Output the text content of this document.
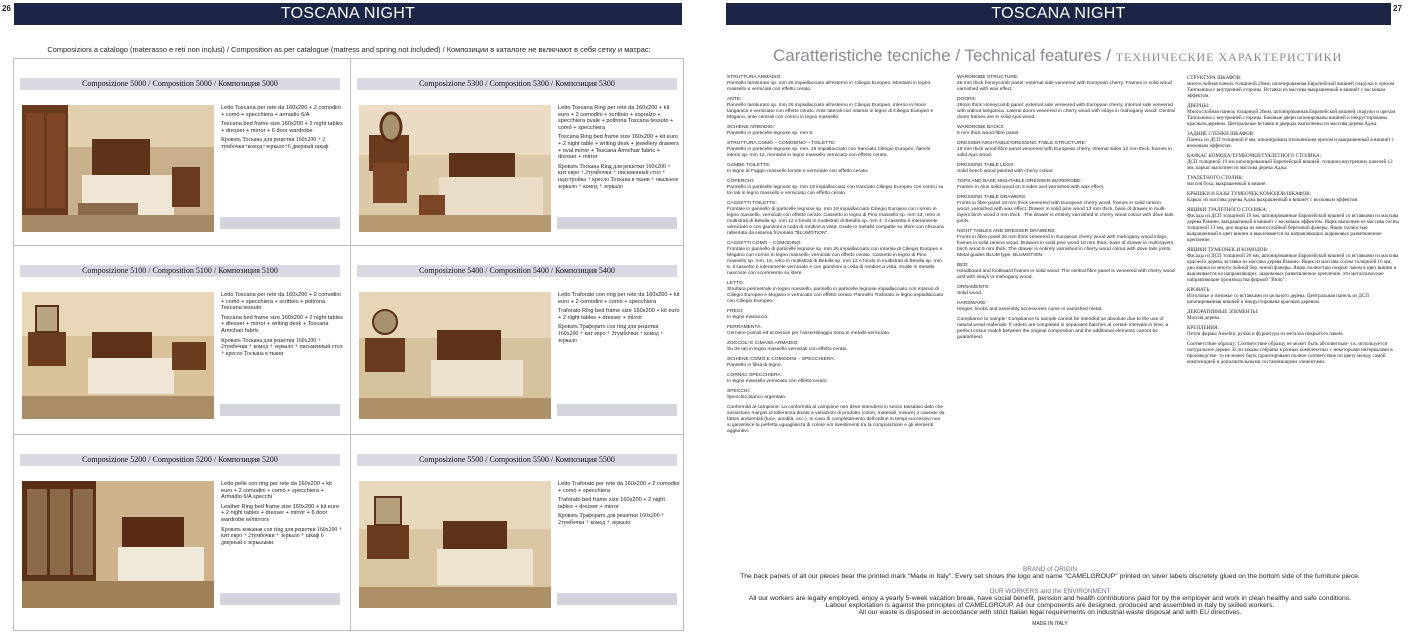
26	TOSCANA NIGHT
Composizioni a catalogo (materasso e reti non inclusi) / Composition as per catalogue (matress and spring not included) / Композиции в каталоге не включают в себя сетку и матрас:
Composizione 5000 / Composition 5000 / Композиция 5000

Letto Toscana per rete da 160x200 + 2 comodini + comò + specchiera + armadio 6/A

Toscana bed frame size 160x200 + 2 night tables + dresser + mirror + 6 door wardrobe

Кровать Тоскана для решетки 160x200 + 2 тумбочки+комод+зеркало+6 дверный шкаф

Composizione 5300 / Composition 5300 / Композиция 5300

Letto Toscana Ring per rete da 160x200 + kit euro + 2 comodini + scrittoio + sopralzo + specchiera ovale + poltrona Toscana tessuto + comò + specchiera

Toscana Ring bed frame size 160x200 + kit euro + 2 night table + writing desk + jewellery drawers + oval mirror + Toscana Armchair fabric + dresser + mirror

Кровать Тоскана Ring для решетки 160x200 + кит евро + 2тумбочки + письменный стол + надстройка + кресло Тоскана в ткани + овальное зеркало + комод + зеркало

Composizione 5100 / Composition 5100 / Композиция 5100

Letto Toscana per rete da 160x200 + 2 comodini + comò + specchiera + scrittoio + poltrona Toscana tessuto

Toscana bed frame size 160x200 + 2 night tables + dresser + mirror + writing desk + Toscana Armchair fabric

Кровать Тоскана для решетки 160x200 + 2тумбочки + комод + зеркало + письменный стол + кресло Тоскана в ткани

Composizione 5400 / Composition 5400 / Композиция 5400

Letto Traforato con ring per rete da 160x200 + kit euro + 2 comodini + comò + specchiera

Traforato Ring bed frame size 160x200 + kit euro + 2 night tables + dresser + mirror

Кровать Трафорато con ring для решетки 160x200 + кит евро + 2тумбочки + комод + зеркало

Composizione 5200 / Composition 5200 / Композиция 5200

Letto pelle con ring per rete da 160x200 + kit euro + 2 comodini + comò + specchiera + Armadio 6/A specchi

Leather Ring bed frame size 160x200 + kit euro + 2 night tables + dresser + mirror + 6 door wardrobe w/mirrors

Кровать кожаная con ring для решетки 160x200 + кит евро + 2тумбочки + зеркало + шкаф 6 дверный с зеркалами

Composizione 5500 / Composition 5500 / Композиция 5500

Letto Traforato per rete da 160x200 + 2 comodini + comò + specchiera

Traforato bed frame size 160x200 + 2 night tables + dresser + mirror

Кровать Трафорато для решетки 160x200 + 2тумбочки + комод + зеркало

27
TOSCANA NIGHT
Caratteristiche tecniche / Technical features / ТЕХНИЧЕСКИЕ ХАРАКТЕРИСТИКИ
STRUTTURA ARMADIO:
Pannello tamburato sp. mm 26 impiallacciato all'esterno in Ciliegio Europeo. Montanti in legno massello e verniciati con effetto cerato.
ANTE:
Pannello tamburato sp. mm 26 impiallacciato all'esterno in Ciliegio Europeo, interno in Noce tanganica e verniciato con effetto cerato. Ante laterali con intarsio in legno di Ciliegio Europeo e Mogano, ante centrali con cornici in legno massello.
SCHIENE ARMADIO:
Pannello in particelle legnose sp. mm 6.
STRUTTURA COMÒ – COMODINO – TOILETTE:
Pannello in particelle legnose sp. mm. 19 impiallacciato con tranciato Ciliegio Europeo, fianchi interni sp. mm 12, montanti in legno massello verniciato con effetto cerato.
GAMBE TOILETTE:
In legno di Faggio massello tornite e verniciate con effetto cerato.
COPERCHI:
Pannello in particelle legnose sp. mm 19 impiallacciato con tranciato Ciliegio Europeo con cornici su tre lati in legno massello e verniciato con effetto cerato.
CASSETTI TOILETTE:
Frontale in pannello di particelle legnose sp. mm 19 impiallacciato Ciliegio Europeo con cornici in legno massello, verniciati con effetto cerato. Cassetto in legno di Pino massello sp. mm 13, retro in multistrati di Betulla sp. mm 12 e fondo in multistrati di Betulla sp. mm 4. Il cassetto è interamente verniciato e con giunzioni a coda di rondine a vista. Guide in metallo compatte su sfere con chiusura rallentata da sistema frizionato "BLUMOTION".
CASSETTI COMÒ – COMODINO:
Frontale in pannello di particelle legnose sp. mm 26 impiallacciato con intarsio di Ciliegio Europeo e Mogano con cornici in legno massello, verniciati con effetto cerato. Cassetto in legno di Pino massello sp. mm. 16, retro in multistrati di Betulla sp. mm 12 e fondo in multistrati di Betulla sp. mm. 5. Il cassetto è interamente verniciato e con giunzioni a coda di rondine a vista. Guide in metallo nascoste con scorrimento su sfere.
LETTO:
Struttura perimetrale in legno massello, pannello in particelle legnose impiallacciato con intarsio di Ciliegio Europeo e Mogano e verniciato con effetto cerato. Pannello Traforato in legno impiallacciato con Ciliegio Europeo.
FREGI:
In legno massiccio.
FERRAMENTA:
Cerniere pomoli ed accessori per l'assemblaggio sono in metallo verniciato.
ZOCCOLI E CIMASE ARMADIO:
Su tre lati in legno massello verniciati con effetto cerato.
SCHIENE COMÒ E COMODINI – SPECCHIERA:
Pannello in fibra di legno.
CORNICI SPECCHIERA:
In legno massello verniciato con effetto cerato.
SPECCHI:
Specchio bianco argentato.
Conformità al campione: La conformità al campione non deve intendersi in senso tassativo dato che sussistono margini di tolleranza dovuti a variazioni di prodotto (colori, materiali, misure) o causate da fattori ambientali (luce, umidità, ecc.). In caso di completamento dell'ordine in tempi successivi non si garantisce la perfetta uguaglianza di colore e/o rivestimenti tra la composizione e gli elementi aggiuntivi.
WARDROBE STRUCTURE:
26 mm thick honeycomb panel: external side veneered with European cherry. Frames in solid wood varnished with wax effect.
DOORS:
26mm thick Honeycomb panel: external side veneered with European cherry, internal side veneered with walnut tanganica. Lateral doors veneered in cherry wood with inlays in mahogany wood. Central doors frames are in solid Ajus wood.
WARDROBE BACKS:
6 mm thick wood-fibre panel.
DRESSER-NIGHTABLE-DRESSING TABLE STRUCTURE:
19 mm thick wood-fibre panel veneered with European cherry, internal sides 12 mm thick, frames in solid Ajus wood.
DRESSING TABLE LEGS:
Solid beech wood painted with cherry colour.
TOPS AND BASE NIGHTABLE-DRESSER-WARDROBE:
Frames in Aius solid wood on 3 sides and varnished with wax effect.
DRESSING TABLE DRAWERS:
Fronts in fibre panel 19 mm thick veneered with European cherry wood, frames in solid ramino wood, varnished with wax effect. Drawer in solid pine wood 13 mm thick, base of drawer in multi-layers birch wood 4 mm thick . The drawer is entirely varnished in cherry wood colour with dove tails joints.
NIGHT TABLES AND DRESSER DRAWERS:
Fronts in fibre panel 26 mm thick veneered in European cherry wood with mahogany wood inlays, frames in solid ramino wood. Drawers in solid pine wood 16 mm thick, base of drawer in multi-layers birch wood 5 mm thick. The drawer is entirely varnished in cherry wood colour with dove tails joints. Metal guides BLUM type, BLUMOTION.
BED:
Headboard and footboard frames in solid wood. The central fibre panel is veneered with cherry wood and with inlays in mahogany wood.
ORNAMENTS:
Solid wood.
HARDWARE:
Hinges, knobs and assembly accessories come in varnished metal.
Compliance to sample: Compliance to sample cannot be intended as absolute due to the use of natural wood materials. If orders are completed in separated batches at certain intervals in time, a perfect colour match between the original composition and the additional elements cannot be guaranteed.
СТРУКТУРА ШКАФОВ:
многослойная панель толщиной 26мм, шпонированная Европейской вишней снаружи и орехом Тангаьника с внутренней стороны. Вставки из массива выкрашенный в вишнёт с восковым эффектом.
ДВЕРЦЫ:
Многослойная панель толщиной 26мм. шпонированная Европейской вишней снаружи и орехом Тангаьника с внутренней стороны. Боковые двери шпонированы вишней и инкрустированы красным деревом. Центральные вставки в дверцах выполнены из массива дерева Аджа.
ЗАДНИЕ СТЕНКИ ШКАФОВ:
Панель из ДСП толщиной 8 мм, шпонирована итальянским орехом и выкрашенный в вишнёт с восковым эффектом.
КАРКАС КОМОДА/ТУМБОЧКИ/ТУАЛЕТНОГО СТОЛИКА:
ДСП толщиной 19 мм шпонированный Европейской вишней, толщина внутренних панелей 12 мм, каркас выполнен из массива дерева Аджа.
ТУАЛЕТНОГО СТОЛИК:
массив бука, выкрашенный в вишнё.
КРЫШКИ И БАЗЫ ТУМБОЧЕК/КОМОДОВ/ШКАФОВ:
Каркас из массива дерева Аджа выкрашенный в вишнёт с восковым эффектом.
ЯЩИКИ ТУАЛЕТНОГО СТОЛИКА:
Фасады из ДСП толщиной 19 мм, шпонированные Европейской вишней со вставками из массива дерева Рамино, выкрашенный в вишнёт с восковым эффектом. Ящик выполнен из массива сосны толщиной 13 мм, дно ящика из многослойной берёзовой фанеры. Ящик полностью выкрашенный в цвет вишни и выклеивается на направляющих шариковых разветвленное крепление.
ЯЩИКИ ТУМБОЧЕК И КОМОДОВ:
Фасады из ДСП толщиной 26 мм, шпонированные Европейской вишней со вставками из массива красного дерева, вставки из массива дерева Рамино. Ящик из массива сосны толщиной 16 мм, дно ящика из многослойной бер. ниной фанеры. Ящик полностью покрыт лаком в цвет вишни и выклеивается на направляющих. шариковых разветвленное крепление. эти металлические направляющие производства фирмой "Blum".
КРОВАТЬ:
Изголовье и изножье со вставками из цельного дерева. Центральная панель из ДСП шпонированная вишней и инкрустирована красным деревом.
ДЕКОРАТИВНЫЕ ЭЛЕМЕНТЫ:
Массив дерева.
КРЕПЛЕНИЯ:
Петли фирмы Anselmi, ручки и фурнитура из металла покрытого лаком.
Соответствие образцу: Соответствие образцу не может быть абсолютным- т.к. используется натуральное дерево. Если заказы собраны в разных комплектных с некоторыми интервалами в производстве- то не может быть гарантировано полное соответствие по цвету между самой композицией и дополнительными составляющими элементами.
BRAND of ORIGIN
The back panels of all our pieces bear the printed mark "Made in Italy". Every set shows the logo and name "CAMELGROUP" printed on silver labels discretely glued on the bottom side of the furniture piece.
OUR WORKERS and the ENVIRONMENT
All our workers are legally employed, enjoy a yearly 5-week vacation break, have social benefit, pension and health contributions paid for by the employer and work in clean healthy and safe conditions.
Labour exploitation is against the principles of CAMELGROUP. All our components are designed, produced and assembled in Italy by skilled workers.
All our waste is disposed in accordance with strict Italian legal requirements on industrial waste disposal and with EU directives.
MADE IN ITALY
